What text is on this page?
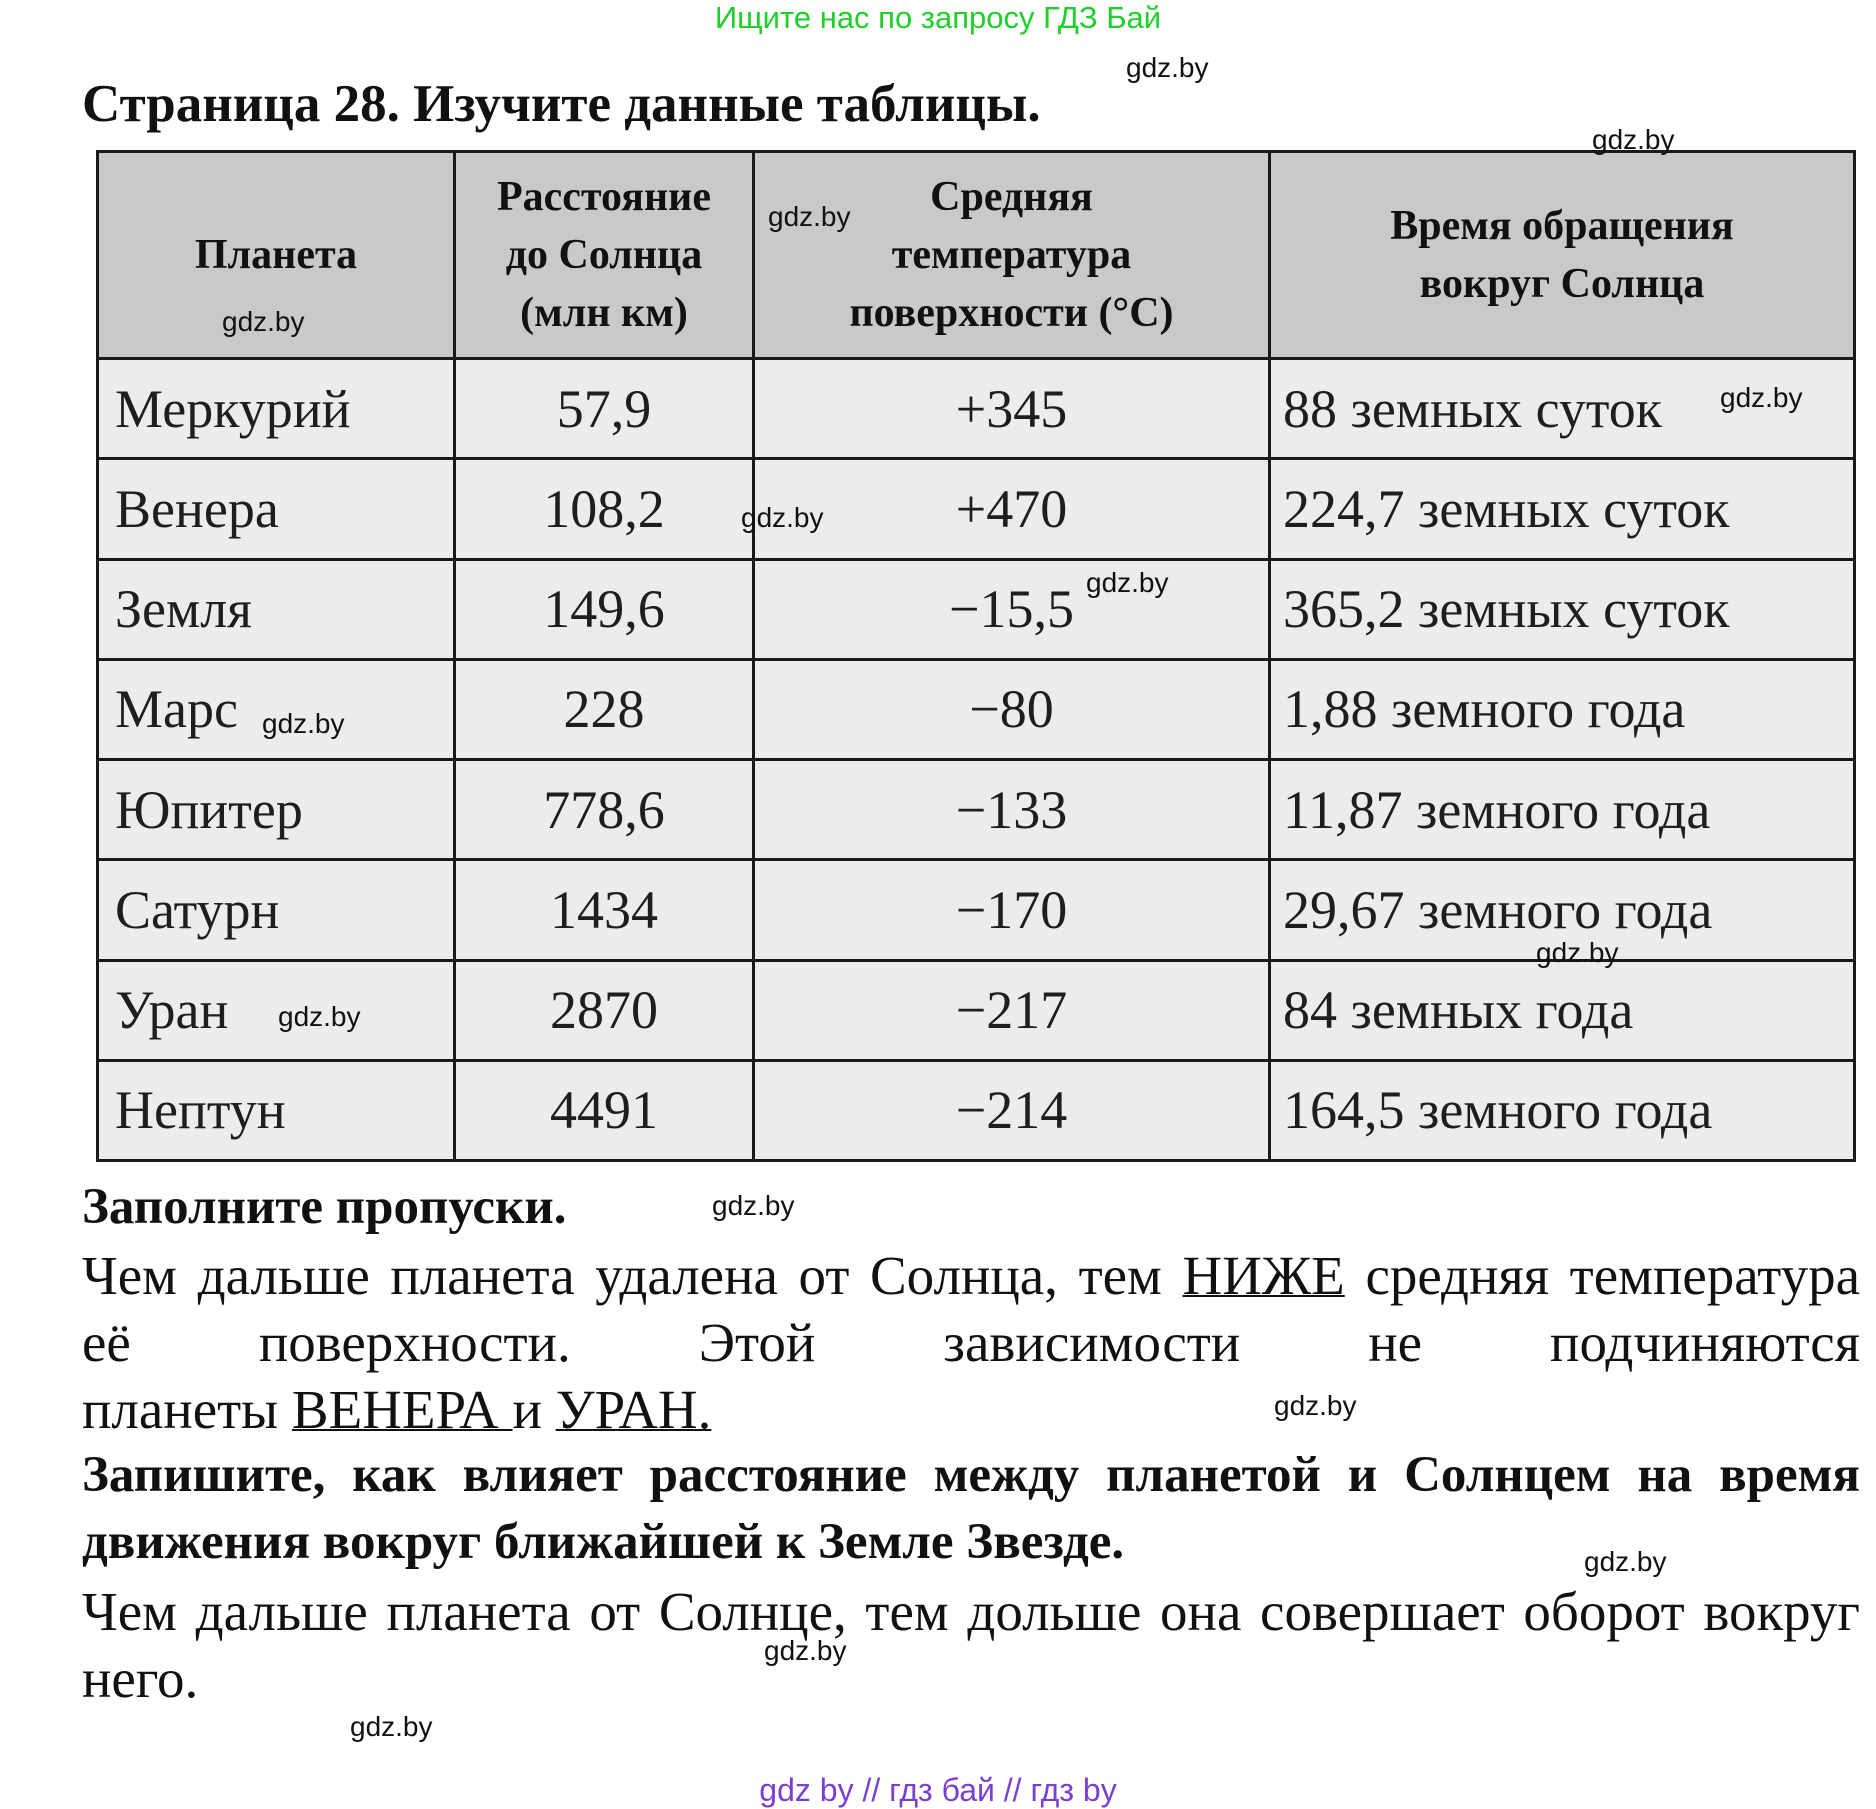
Ищите нас по запросу ГДЗ Бай
Страница 28. Изучите данные таблицы.
Планета	Расстояние до Солнца (млн км)	Средняя температура поверхности (°C)	Время обращения вокруг Солнца
Меркурий	57,9	+345	88 земных суток
Венера	108,2	+470	224,7 земных суток
Земля	149,6	−15,5	365,2 земных суток
Марс	228	−80	1,88 земного года
Юпитер	778,6	−133	11,87 земного года
Сатурн	1434	−170	29,67 земного года
Уран	2870	−217	84 земных года
Нептун	4491	−214	164,5 земного года
Заполните пропуски.
Чем дальше планета удалена от Солнца, тем НИЖЕ средняя температура её поверхности. Этой зависимости не подчиняются
планеты ВЕНЕРА и УРАН.
Запишите, как влияет расстояние между планетой и Солнцем на время движения вокруг ближайшей к Земле Звезде.
Чем дальше планета от Солнце, тем дольше она совершает оборот вокруг него.
gdz.by
gdz.by
gdz.by
gdz.by
gdz.by
gdz.by
gdz.by
gdz.by
gdz.by
gdz.by
gdz.by
gdz.by
gdz.by
gdz.by
gdz.by
gdz by // гдз бай // гдз by
